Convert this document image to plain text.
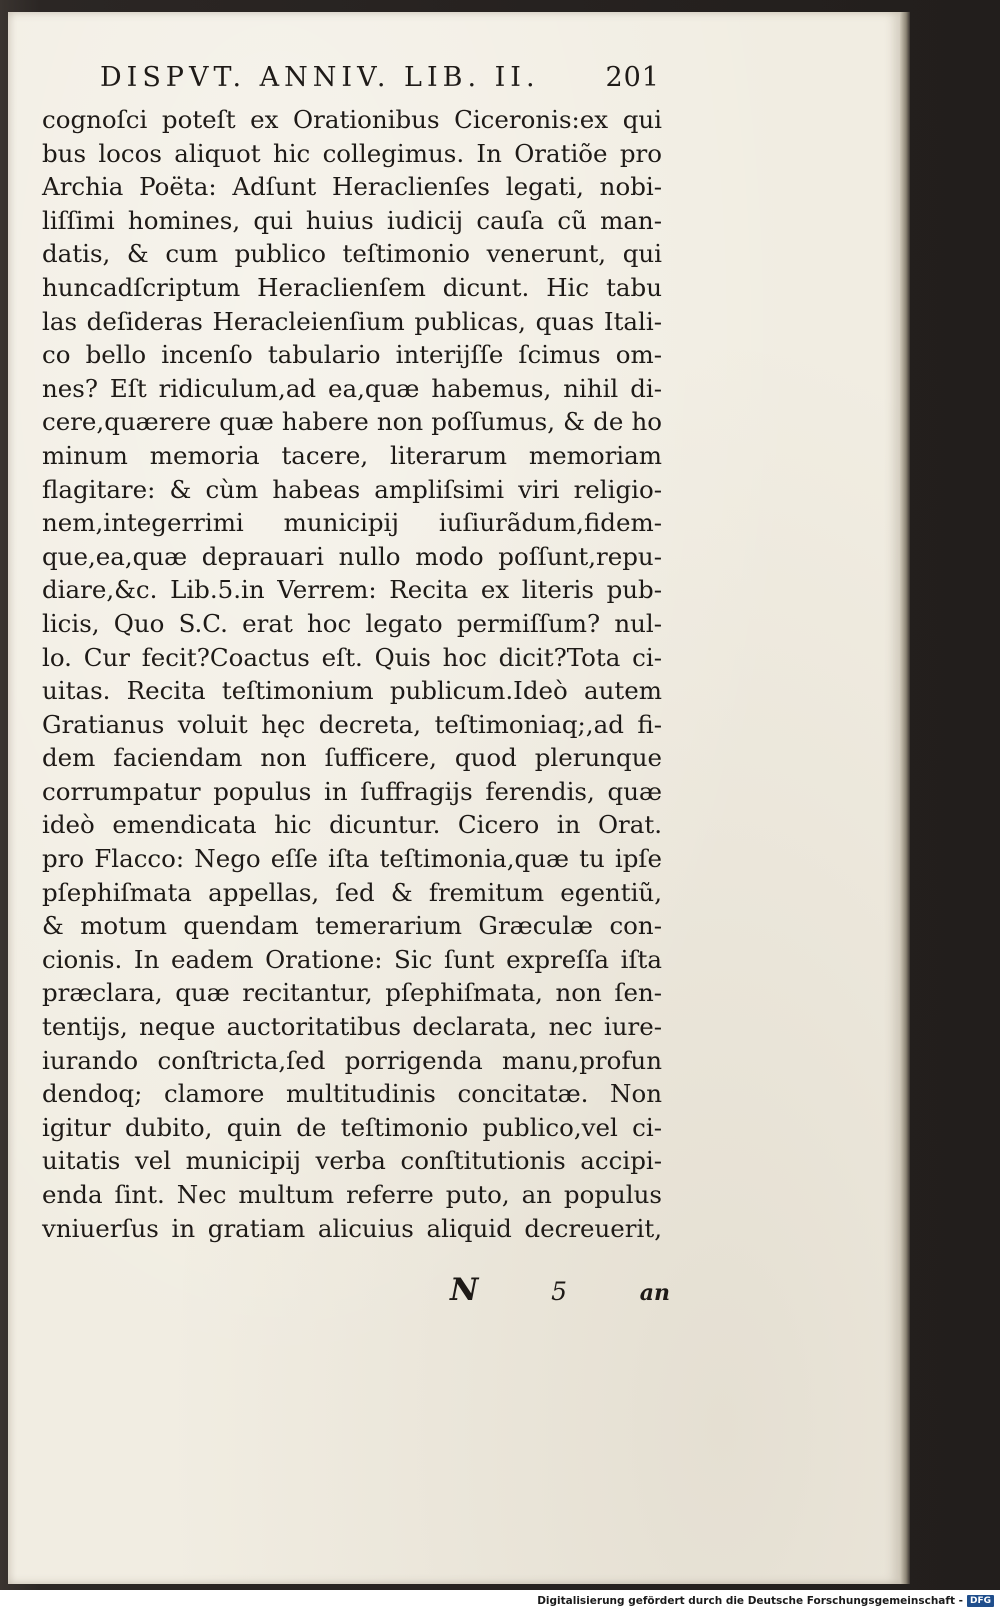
DISPVT. ANNIV. LIB. II. 201
cognoſci poteſt ex Orationibus Ciceronis:ex qui
bus locos aliquot hic collegimus. In Oratiõe pro
Archia Poëta: Adſunt Heraclienſes legati, nobi-
liſſimi homines, qui huius iudicij cauſa cũ man-
datis, & cum publico teſtimonio venerunt, qui
huncadſcriptum Heraclienſem dicunt. Hic tabu
las deſideras Heracleienſium publicas, quas Itali-
co bello incenſo tabulario interijſſe ſcimus om-
nes? Eſt ridiculum,ad ea,quæ habemus, nihil di-
cere,quærere quæ habere non poſſumus, & de ho
minum memoria tacere, literarum memoriam
flagitare: & cùm habeas ampliſsimi viri religio-
nem,integerrimi municipij iuſiurãdum,fidem-
que,ea,quæ deprauari nullo modo poſſunt,repu-
diare,&c. Lib.5.in Verrem: Recita ex literis pub-
licis, Quo S.C. erat hoc legato permiſſum? nul-
lo. Cur fecit?Coactus eſt. Quis hoc dicit?Tota ci-
uitas. Recita teſtimonium publicum.Ideò autem
Gratianus voluit hęc decreta, teſtimoniaq;,ad fi-
dem faciendam non ſufficere, quod plerunque
corrumpatur populus in ſuffragijs ferendis, quæ
ideò emendicata hic dicuntur. Cicero in Orat.
pro Flacco: Nego eſſe iſta teſtimonia,quæ tu ipſe
pſephiſmata appellas, ſed & fremitum egentiũ,
& motum quendam temerarium Græculæ con-
cionis. In eadem Oratione: Sic ſunt expreſſa iſta
præclara, quæ recitantur, pſephiſmata, non ſen-
tentijs, neque auctoritatibus declarata, nec iure-
iurando conſtricta,ſed porrigenda manu,profun
dendoq; clamore multitudinis concitatæ. Non
igitur dubito, quin de teſtimonio publico,vel ci-
uitatis vel municipij verba conſtitutionis accipi-
enda ſint. Nec multum referre puto, an populus
vniuerſus in gratiam alicuius aliquid decreuerit,
N	5	an
Digitalisierung gefördert durch die Deutsche Forschungsgemeinschaft - DFG
